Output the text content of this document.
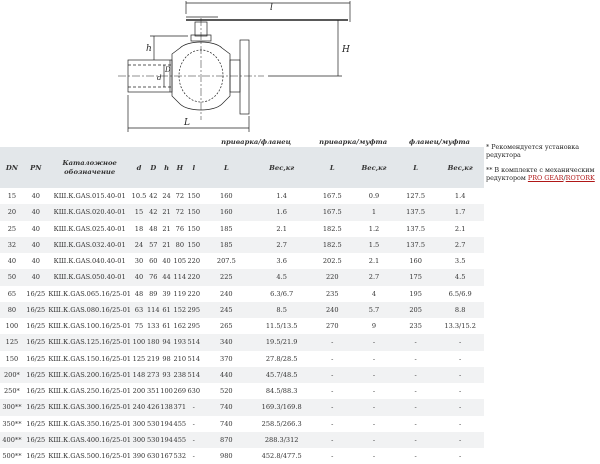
l
h	H
d
D
L
								приварка/фланец		приварка/муфта		фланец/муфта	
DN	PN	Каталожное обозначение	d	D	h	H	l	L	Вес,кг	L	Вес,кг	L	Вес,кг
15	40	КШ.К.GAS.015.40-01	10.5	42	24	72	150	160	1.4	167.5	0.9	127.5	1.4
20	40	КШ.К.GAS.020.40-01	15	42	21	72	150	160	1.6	167.5	1	137.5	1.7
25	40	КШ.К.GAS.025.40-01	18	48	21	76	150	185	2.1	182.5	1.2	137.5	2.1
32	40	КШ.К.GAS.032.40-01	24	57	21	80	150	185	2.7	182.5	1.5	137.5	2.7
40	40	КШ.К.GAS.040.40-01	30	60	40	105	220	207.5	3.6	202.5	2.1	160	3.5
50	40	КШ.К.GAS.050.40-01	40	76	44	114	220	225	4.5	220	2.7	175	4.5
65	16/25	КШ.К.GAS.065.16/25-01	48	89	39	119	220	240	6.3/6.7	235	4	195	6.5/6.9
80	16/25	КШ.К.GAS.080.16/25-01	63	114	61	152	295	245	8.5	240	5.7	205	8.8
100	16/25	КШ.К.GAS.100.16/25-01	75	133	61	162	295	265	11.5/13.5	270	9	235	13.3/15.2
125	16/25	КШ.К.GAS.125.16/25-01	100	180	94	193	514	340	19.5/21.9	-	-	-	-
150	16/25	КШ.К.GAS.150.16/25-01	125	219	98	210	514	370	27.8/28.5	-	-	-	-
200*	16/25	КШ.К.GAS.200.16/25-01	148	273	93	238	514	440	45.7/48.5	-	-	-	-
250*	16/25	КШ.К.GAS.250.16/25-01	200	351	100	269	630	520	84.5/88.3	-	-	-	-
300**	16/25	КШ.К.GAS.300.16/25-01	240	426	138	371	-	740	169.3/169.8	-	-	-	-
350**	16/25	КШ.К.GAS.350.16/25-01	300	530	194	455	-	740	258.5/266.3	-	-	-	-
400**	16/25	КШ.К.GAS.400.16/25-01	300	530	194	455	-	870	288.3/312	-	-	-	-
500**	16/25	КШ.К.GAS.500.16/25-01	390	630	167	532	-	980	452.8/477.5	-	-	-	-
* Рекомендуется установка редуктора
** В комплекте с механическим редуктором PRO GEAR/ROTORK
